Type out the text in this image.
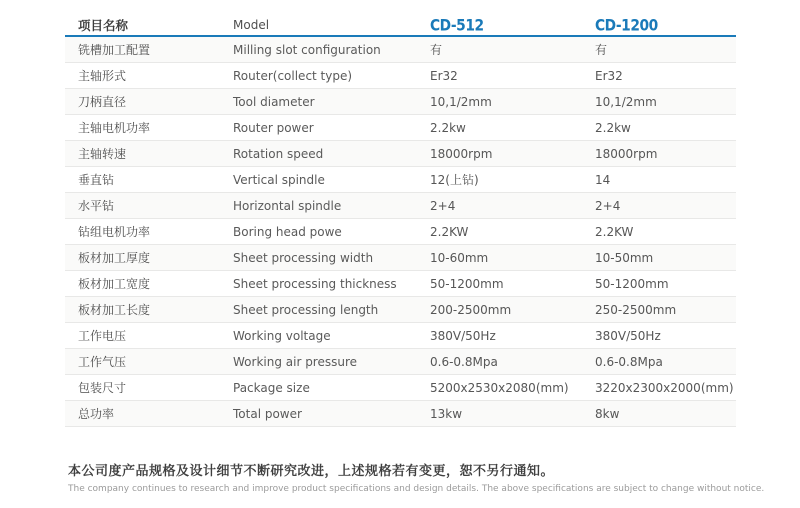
项目名称	Model	CD-512	CD-1200
铣槽加工配置	Milling slot configuration	有	有
主轴形式	Router(collect type)	Er32	Er32
刀柄直径	Tool diameter	10,1/2mm	10,1/2mm
主轴电机功率	Router power	2.2kw	2.2kw
主轴转速	Rotation speed	18000rpm	18000rpm
垂直钻	Vertical spindle	12(上钻)	14
水平钻	Horizontal spindle	2+4	2+4
钻组电机功率	Boring head powe	2.2KW	2.2KW
板材加工厚度	Sheet processing width	10-60mm	10-50mm
板材加工宽度	Sheet processing thickness	50-1200mm	50-1200mm
板材加工长度	Sheet processing length	200-2500mm	250-2500mm
工作电压	Working voltage	380V/50Hz	380V/50Hz
工作气压	Working air pressure	0.6-0.8Mpa	0.6-0.8Mpa
包装尺寸	Package size	5200x2530x2080(mm)	3220x2300x2000(mm)
总功率	Total power	13kw	8kw
本公司度产品规格及设计细节不断研究改进，上述规格若有变更，恕不另行通知。
The company continues to research and improve product specifications and design details. The above specifications are subject to change without notice.
